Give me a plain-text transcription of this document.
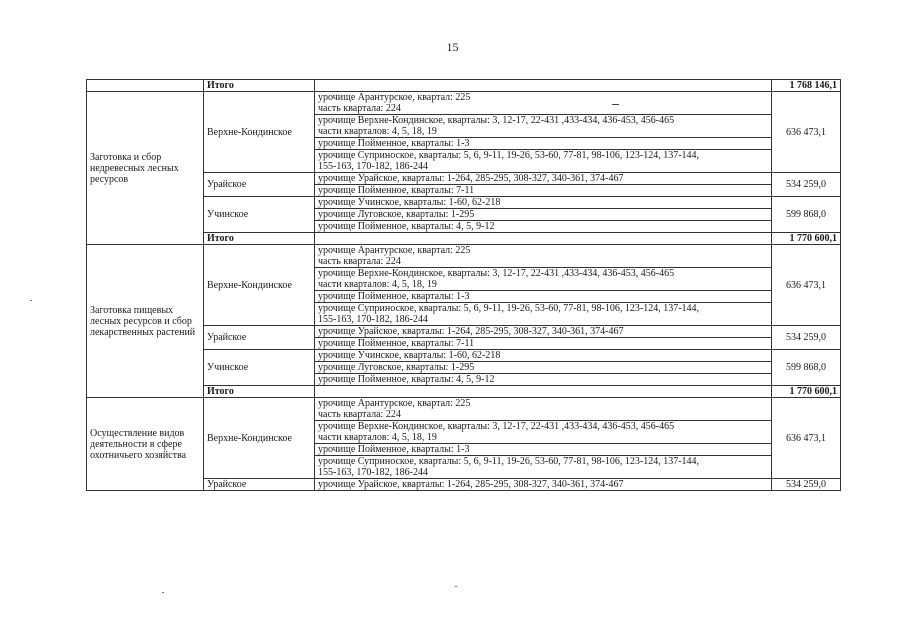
15
	Итого		1 768 146,1
Заготовка и сбор недревесных лесных ресурсов	Верхне-Кондинское	урочище Арантурское, квартал: 225
часть квартала: 224	636 473,1

		урочище Верхне-Кондинское, кварталы: 3, 12-17, 22-431 ,433-434, 436-453, 456-465
части кварталов: 4, 5, 18, 19	

		урочище Пойменное, кварталы: 1-3	

		урочище Суприноское, кварталы: 5, 6, 9-11, 19-26, 53-60, 77-81, 98-106, 123-124, 137-144,
155-163, 170-182, 186-244	

	Урайское	урочище Урайское, кварталы: 1-264, 285-295, 308-327, 340-361, 374-467	534 259,0

		урочище Пойменное, кварталы: 7-11	

	Учинское	урочище Учинское, кварталы: 1-60, 62-218	599 868,0

		урочище Луговское, кварталы: 1-295	

		урочище Пойменное, кварталы: 4, 5, 9-12	

	Итого		1 770 600,1
Заготовка пищевых лесных ресурсов и сбор лекарственных растений	Верхне-Кондинское	урочище Арантурское, квартал: 225
часть квартала: 224	636 473,1

		урочище Верхне-Кондинское, кварталы: 3, 12-17, 22-431 ,433-434, 436-453, 456-465
части кварталов: 4, 5, 18, 19	

		урочище Пойменное, кварталы: 1-3	

		урочище Суприноское, кварталы: 5, 6, 9-11, 19-26, 53-60, 77-81, 98-106, 123-124, 137-144,
155-163, 170-182, 186-244	

	Урайское	урочище Урайское, кварталы: 1-264, 285-295, 308-327, 340-361, 374-467	534 259,0

		урочище Пойменное, кварталы: 7-11	

	Учинское	урочище Учинское, кварталы: 1-60, 62-218	599 868,0

		урочище Луговское, кварталы: 1-295	

		урочище Пойменное, кварталы: 4, 5, 9-12	

	Итого		1 770 600,1
Осуществление видов деятельности в сфере охотничьего хозяйства	Верхне-Кондинское	урочище Арантурское, квартал: 225
часть квартала: 224	636 473,1

		урочище Верхне-Кондинское, кварталы: 3, 12-17, 22-431 ,433-434, 436-453, 456-465
части кварталов: 4, 5, 18, 19	

		урочище Пойменное, кварталы: 1-3	

		урочище Суприноское, кварталы: 5, 6, 9-11, 19-26, 53-60, 77-81, 98-106, 123-124, 137-144,
155-163, 170-182, 186-244	

	Урайское	урочище Урайское, кварталы: 1-264, 285-295, 308-327, 340-361, 374-467	534 259,0
